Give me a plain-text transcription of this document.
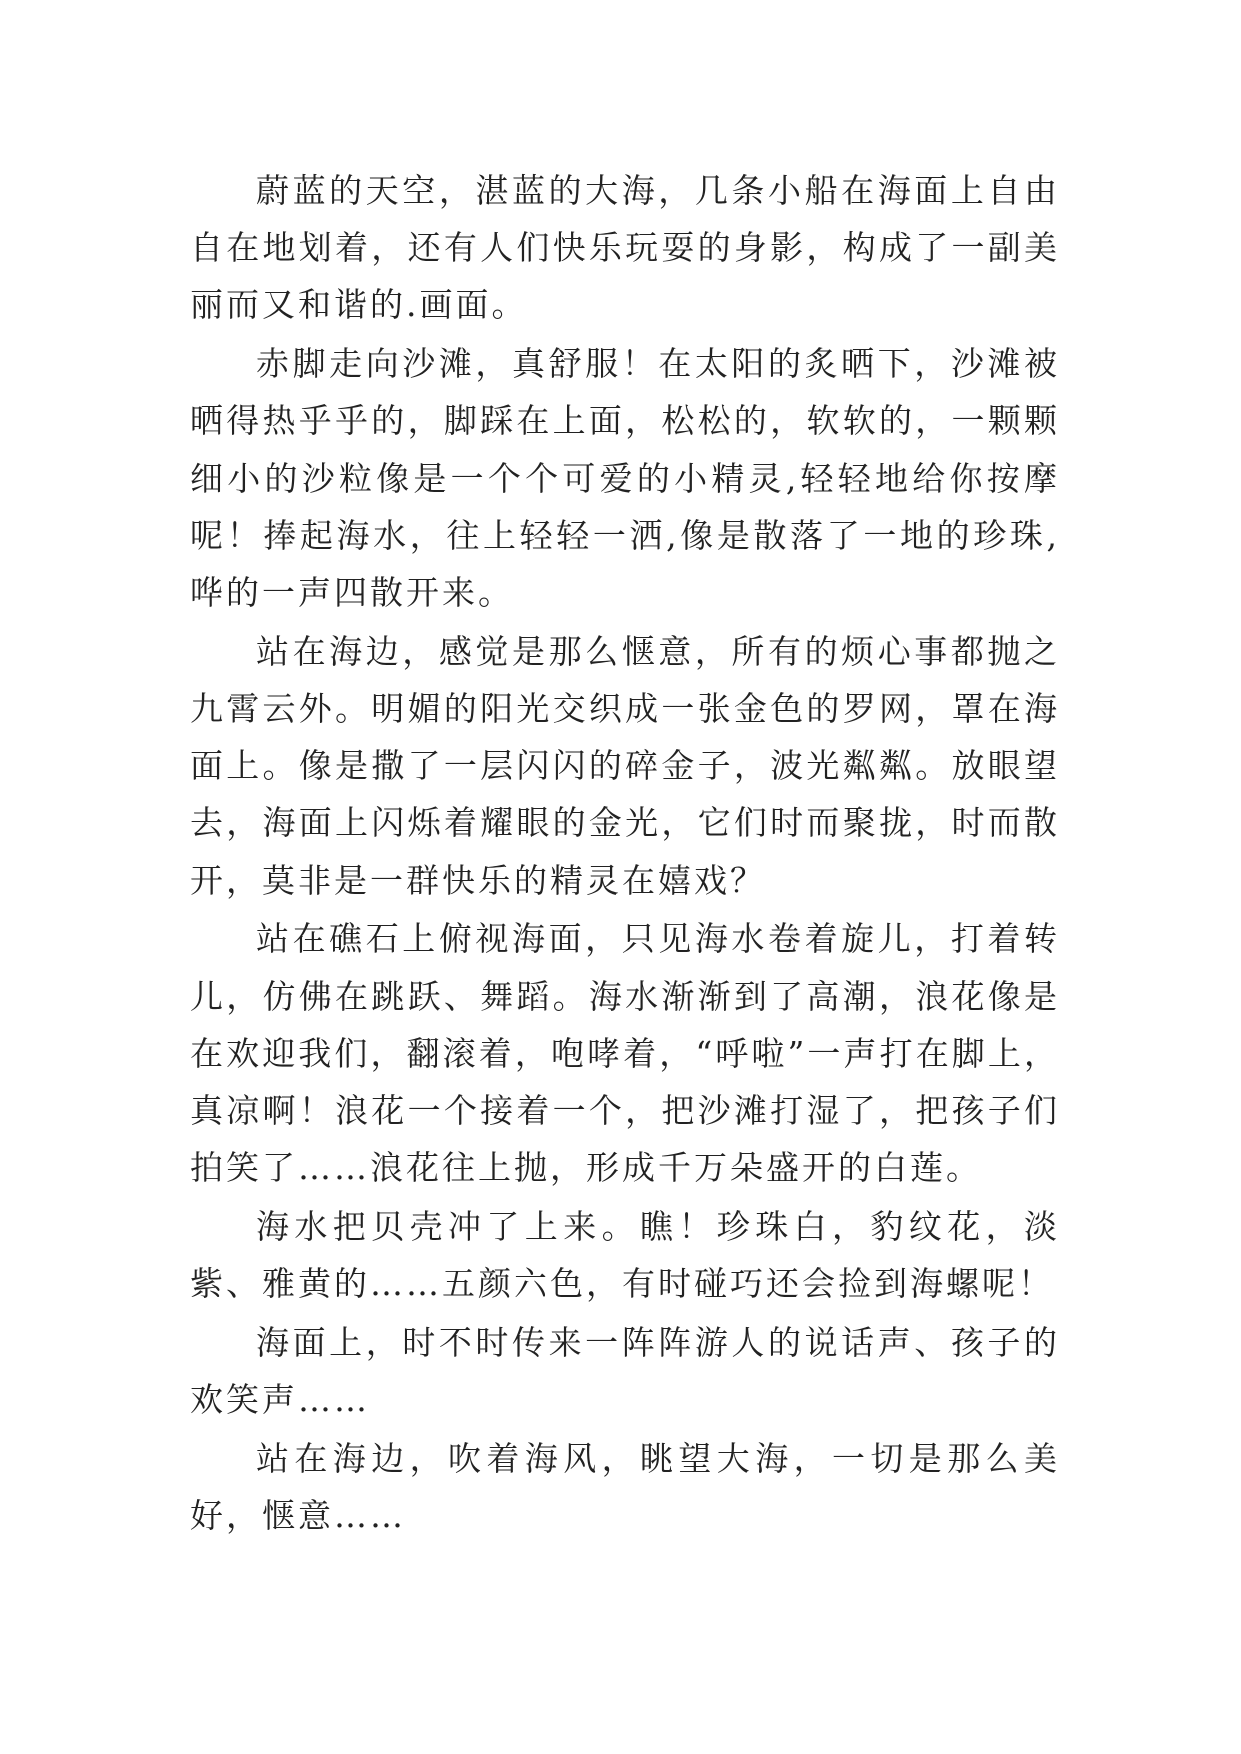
蔚蓝的天空，湛蓝的大海，几条小船在海面上自由自在地划着，还有人们快乐玩耍的身影，构成了一副美丽而又和谐的.画面。

赤脚走向沙滩，真舒服！在太阳的炙晒下，沙滩被晒得热乎乎的，脚踩在上面，松松的，软软的，一颗颗细小的沙粒像是一个个可爱的小精灵,轻轻地给你按摩呢！捧起海水，往上轻轻一洒,像是散落了一地的珍珠,哗的一声四散开来。

站在海边，感觉是那么惬意，所有的烦心事都抛之九霄云外。明媚的阳光交织成一张金色的罗网，罩在海面上。像是撒了一层闪闪的碎金子，波光粼粼。放眼望去，海面上闪烁着耀眼的金光，它们时而聚拢，时而散开，莫非是一群快乐的精灵在嬉戏？

站在礁石上俯视海面，只见海水卷着旋儿，打着转儿，仿佛在跳跃、舞蹈。海水渐渐到了高潮，浪花像是在欢迎我们，翻滚着，咆哮着，“呼啦”一声打在脚上，真凉啊！浪花一个接着一个，把沙滩打湿了，把孩子们拍笑了……浪花往上抛，形成千万朵盛开的白莲。

海水把贝壳冲了上来。瞧！珍珠白，豹纹花，淡紫、雅黄的……五颜六色，有时碰巧还会捡到海螺呢！

海面上，时不时传来一阵阵游人的说话声、孩子的欢笑声……

站在海边，吹着海风，眺望大海，一切是那么美好，惬意……
